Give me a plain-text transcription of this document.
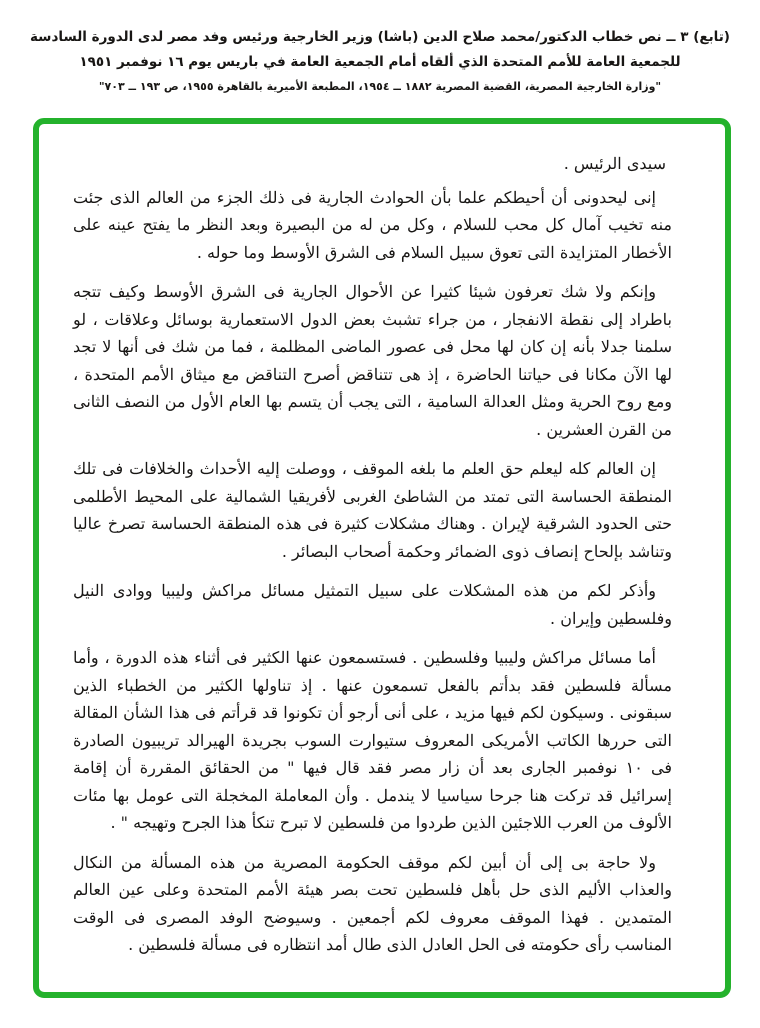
(تابع) ٣ ــ نص خطاب الدكتور/محمد صلاح الدين (باشا) وزير الخارجية ورئيس وفد مصر لدى الدورة السادسة
للجمعية العامة للأمم المتحدة الذي ألقاه أمام الجمعية العامة في باريس يوم ١٦ نوفمبر ١٩٥١
"وزارة الخارجية المصرية، القضية المصرية ١٨٨٢ ــ ١٩٥٤، المطبعة الأميرية بالقاهرة ١٩٥٥، ص ١٩٣ ــ ٧٠٣"

سيدى الرئيس .

إنى ليحدونى أن أحيطكم علما بأن الحوادث الجارية فى ذلك الجزء من العالم الذى جئت منه تخيب آمال كل محب للسلام ، وكل من له من البصيرة وبعد النظر ما يفتح عينه على الأخطار المتزايدة التى تعوق سبيل السلام فى الشرق الأوسط وما حوله .

وإنكم ولا شك تعرفون شيئا كثيرا عن الأحوال الجارية فى الشرق الأوسط وكيف تتجه باطراد إلى نقطة الانفجار ، من جراء تشبث بعض الدول الاستعمارية بوسائل وعلاقات ، لو سلمنا جدلا بأنه إن كان لها محل فى عصور الماضى المظلمة ، فما من شك فى أنها لا تجد لها الآن مكانا فى حياتنا الحاضرة ، إذ هى تتناقض أصرح التناقض مع ميثاق الأمم المتحدة ، ومع روح الحرية ومثل العدالة السامية ، التى يجب أن يتسم بها العام الأول من النصف الثانى من القرن العشرين .

إن العالم كله ليعلم حق العلم ما بلغه الموقف ، ووصلت إليه الأحداث والخلافات فى تلك المنطقة الحساسة التى تمتد من الشاطئ الغربى لأفريقيا الشمالية على المحيط الأطلمى حتى الحدود الشرقية لإيران . وهناك مشكلات كثيرة فى هذه المنطقة الحساسة تصرخ عاليا وتناشد بإلحاح إنصاف ذوى الضمائر وحكمة أصحاب البصائر .

وأذكر لكم من هذه المشكلات على سبيل التمثيل مسائل مراكش وليبيا ووادى النيل وفلسطين وإيران .

أما مسائل مراكش وليبيا وفلسطين . فستسمعون عنها الكثير فى أثناء هذه الدورة ، وأما مسألة فلسطين فقد بدأتم بالفعل تسمعون عنها . إذ تناولها الكثير من الخطباء الذين سبقونى . وسيكون لكم فيها مزيد ، على أنى أرجو أن تكونوا قد قرأتم فى هذا الشأن المقالة التى حررها الكاتب الأمريكى المعروف ستيوارت السوب بجريدة الهيرالد تريبيون الصادرة فى ١٠ نوفمبر الجارى بعد أن زار مصر فقد قال فيها " من الحقائق المقررة أن إقامة إسرائيل قد تركت هنا جرحا سياسيا لا يندمل . وأن المعاملة المخجلة التى عومل بها مئات الألوف من العرب اللاجئين الذين طردوا من فلسطين لا تبرح تنكأ هذا الجرح وتهيجه " .

ولا حاجة بى إلى أن أبين لكم موقف الحكومة المصرية من هذه المسألة من النكال والعذاب الأليم الذى حل بأهل فلسطين تحت بصر هيئة الأمم المتحدة وعلى عين العالم المتمدين . فهذا الموقف معروف لكم أجمعين . وسيوضح الوفد المصرى فى الوقت المناسب رأى حكومته فى الحل العادل الذى طال أمد انتظاره فى مسألة فلسطين .
